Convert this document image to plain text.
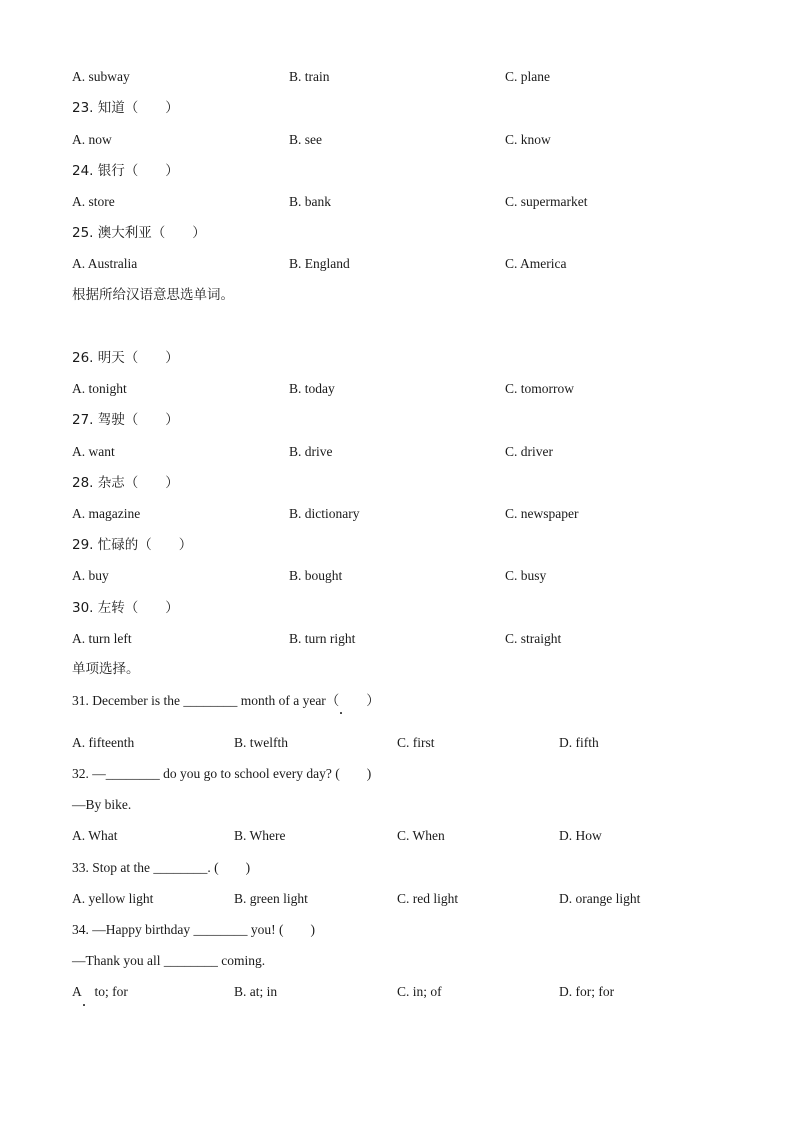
A. subway	B. train	C. plane
23. 知道（　　）
A. now	B. see	C. know
24. 银行（　　）
A. store	B. bank	C. supermarket
25. 澳大利亚（　　）
A. Australia	B. England	C. America
根据所给汉语意思选单词。
26. 明天（　　）
A. tonight	B. today	C. tomorrow
27. 驾驶（　　）
A. want	B. drive	C. driver
28. 杂志（　　）
A. magazine	B. dictionary	C. newspaper
29. 忙碌的（　　）
A. buy	B. bought	C. busy
30. 左转（　　）
A. turn left	B. turn right	C. straight
单项选择。
31. December is the ________ month of a year（　　）
A. fifteenth	B. twelfth	C. first	D. fifth
32. —________ do you go to school every day? (　　)
—By bike.
A. What	B. Where	C. When	D. How
33. Stop at the ________. (　　)
A. yellow light	B. green light	C. red light	D. orange light
34. —Happy birthday ________ you! (　　)
—Thank you all ________ coming.
A　to; for	B. at; in	C. in; of	D. for; for
